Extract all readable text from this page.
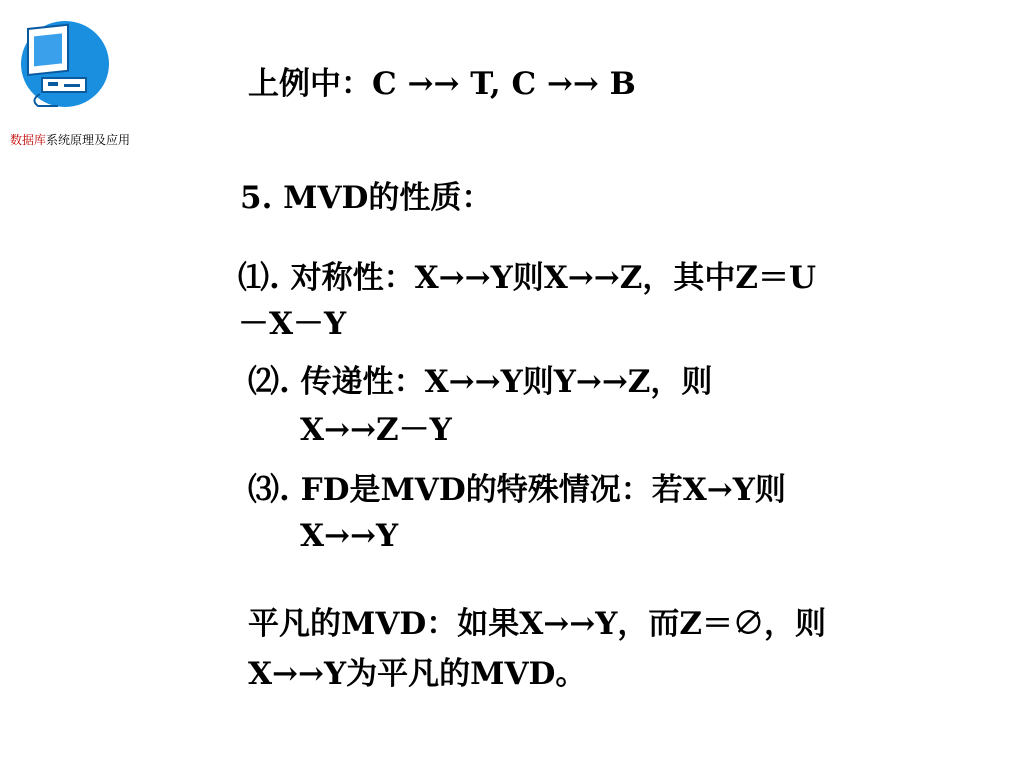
数据库系统原理及应用
上例中：C →→ T, C →→ B
5. MVD的性质：
⑴. 对称性：X→→Y则X→→Z，其中Z＝U
－X－Y
⑵. 传递性：X→→Y则Y→→Z，则
X→→Z－Y
⑶. FD是MVD的特殊情况：若X→Y则
X→→Y
平凡的MVD：如果X→→Y，而Z＝∅，则
X→→Y为平凡的MVD。
